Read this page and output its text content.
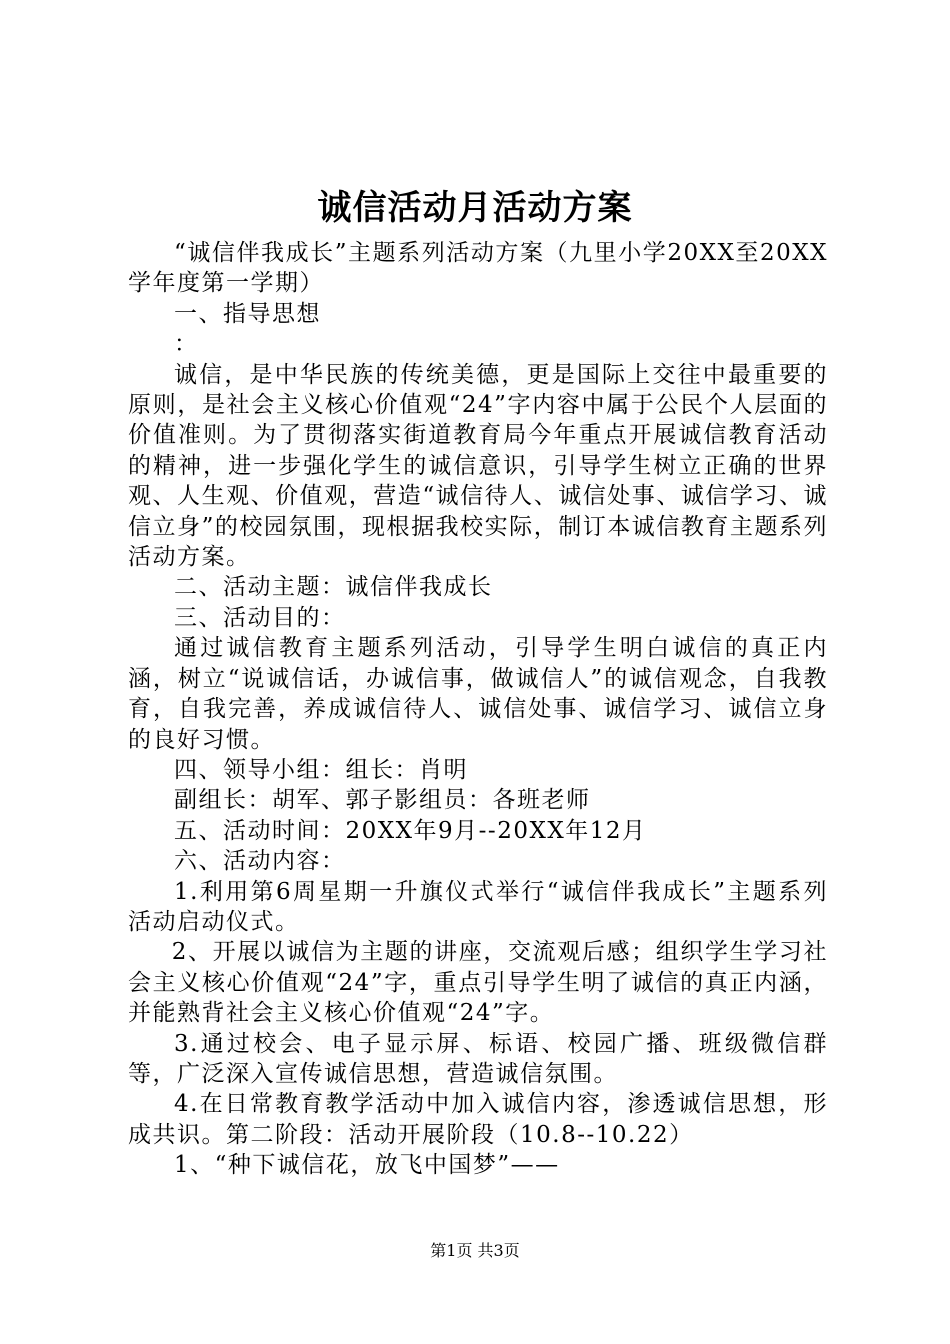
诚信活动月活动方案

“诚信伴我成长”主题系列活动方案（九里小学20XX至20XX学年度第一学期）

一、指导思想

：

诚信，是中华民族的传统美德，更是国际上交往中最重要的原则，是社会主义核心价值观“24”字内容中属于公民个人层面的价值准则。为了贯彻落实街道教育局今年重点开展诚信教育活动的精神，进一步强化学生的诚信意识，引导学生树立正确的世界观、人生观、价值观，营造“诚信待人、诚信处事、诚信学习、诚信立身”的校园氛围，现根据我校实际，制订本诚信教育主题系列活动方案。

二、活动主题：诚信伴我成长

三、活动目的：

通过诚信教育主题系列活动，引导学生明白诚信的真正内涵，树立“说诚信话，办诚信事，做诚信人”的诚信观念，自我教育，自我完善，养成诚信待人、诚信处事、诚信学习、诚信立身的良好习惯。

四、领导小组：组长：肖明

副组长：胡军、郭子影组员：各班老师

五、活动时间：20XX年9月--20XX年12月

六、活动内容：

1.利用第6周星期一升旗仪式举行“诚信伴我成长”主题系列活动启动仪式。

2、开展以诚信为主题的讲座，交流观后感；组织学生学习社会主义核心价值观“24”字，重点引导学生明了诚信的真正内涵，并能熟背社会主义核心价值观“24”字。

3.通过校会、电子显示屏、标语、校园广播、班级微信群等，广泛深入宣传诚信思想，营造诚信氛围。

4.在日常教育教学活动中加入诚信内容，渗透诚信思想，形成共识。第二阶段：活动开展阶段（10.8--10.22）

1、“种下诚信花，放飞中国梦”——

第1页 共3页
